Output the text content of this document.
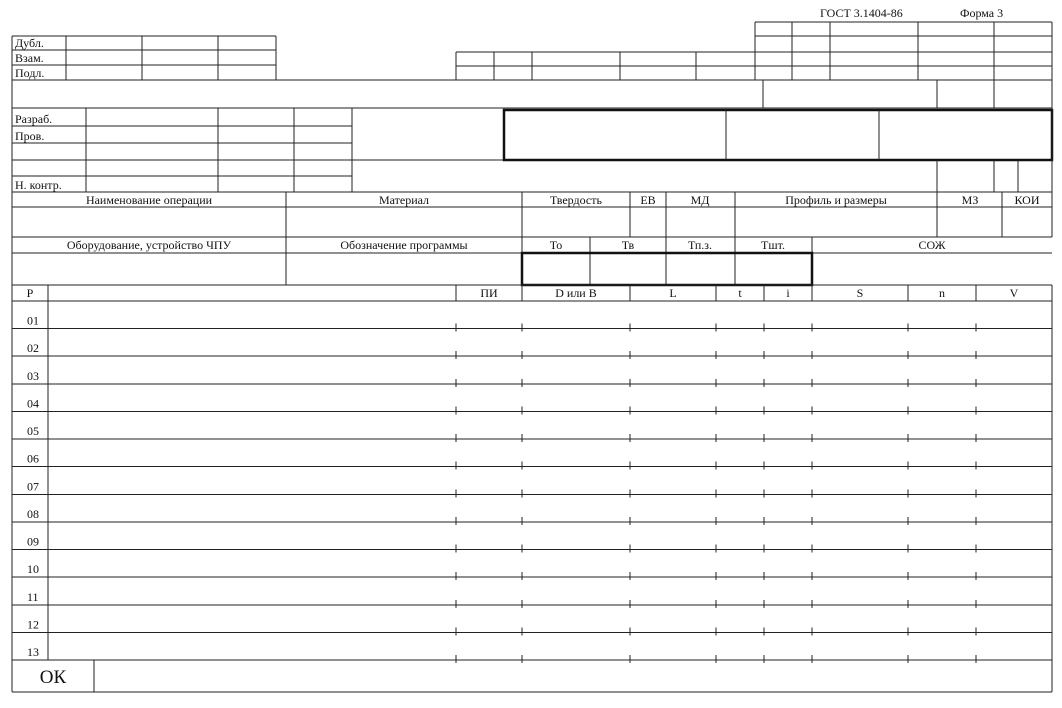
ГОСТ 3.1404-86	Форма 3
Дубл.
Взам.
Подл.
Разраб.
Пров.
Н. контр.
Наименование операции	Материал	Твердость	ЕВ	МД	Профиль и размеры	МЗ	КОИ
Оборудование, устройство ЧПУ	Обозначение программы	То	Тв	Тп.з.	Тшт.	СОЖ
Р	ПИ	D или В	L	t	i	S	n	V
01
02
03
04
05
06
07
08
09
10
11
12
13
ОК
